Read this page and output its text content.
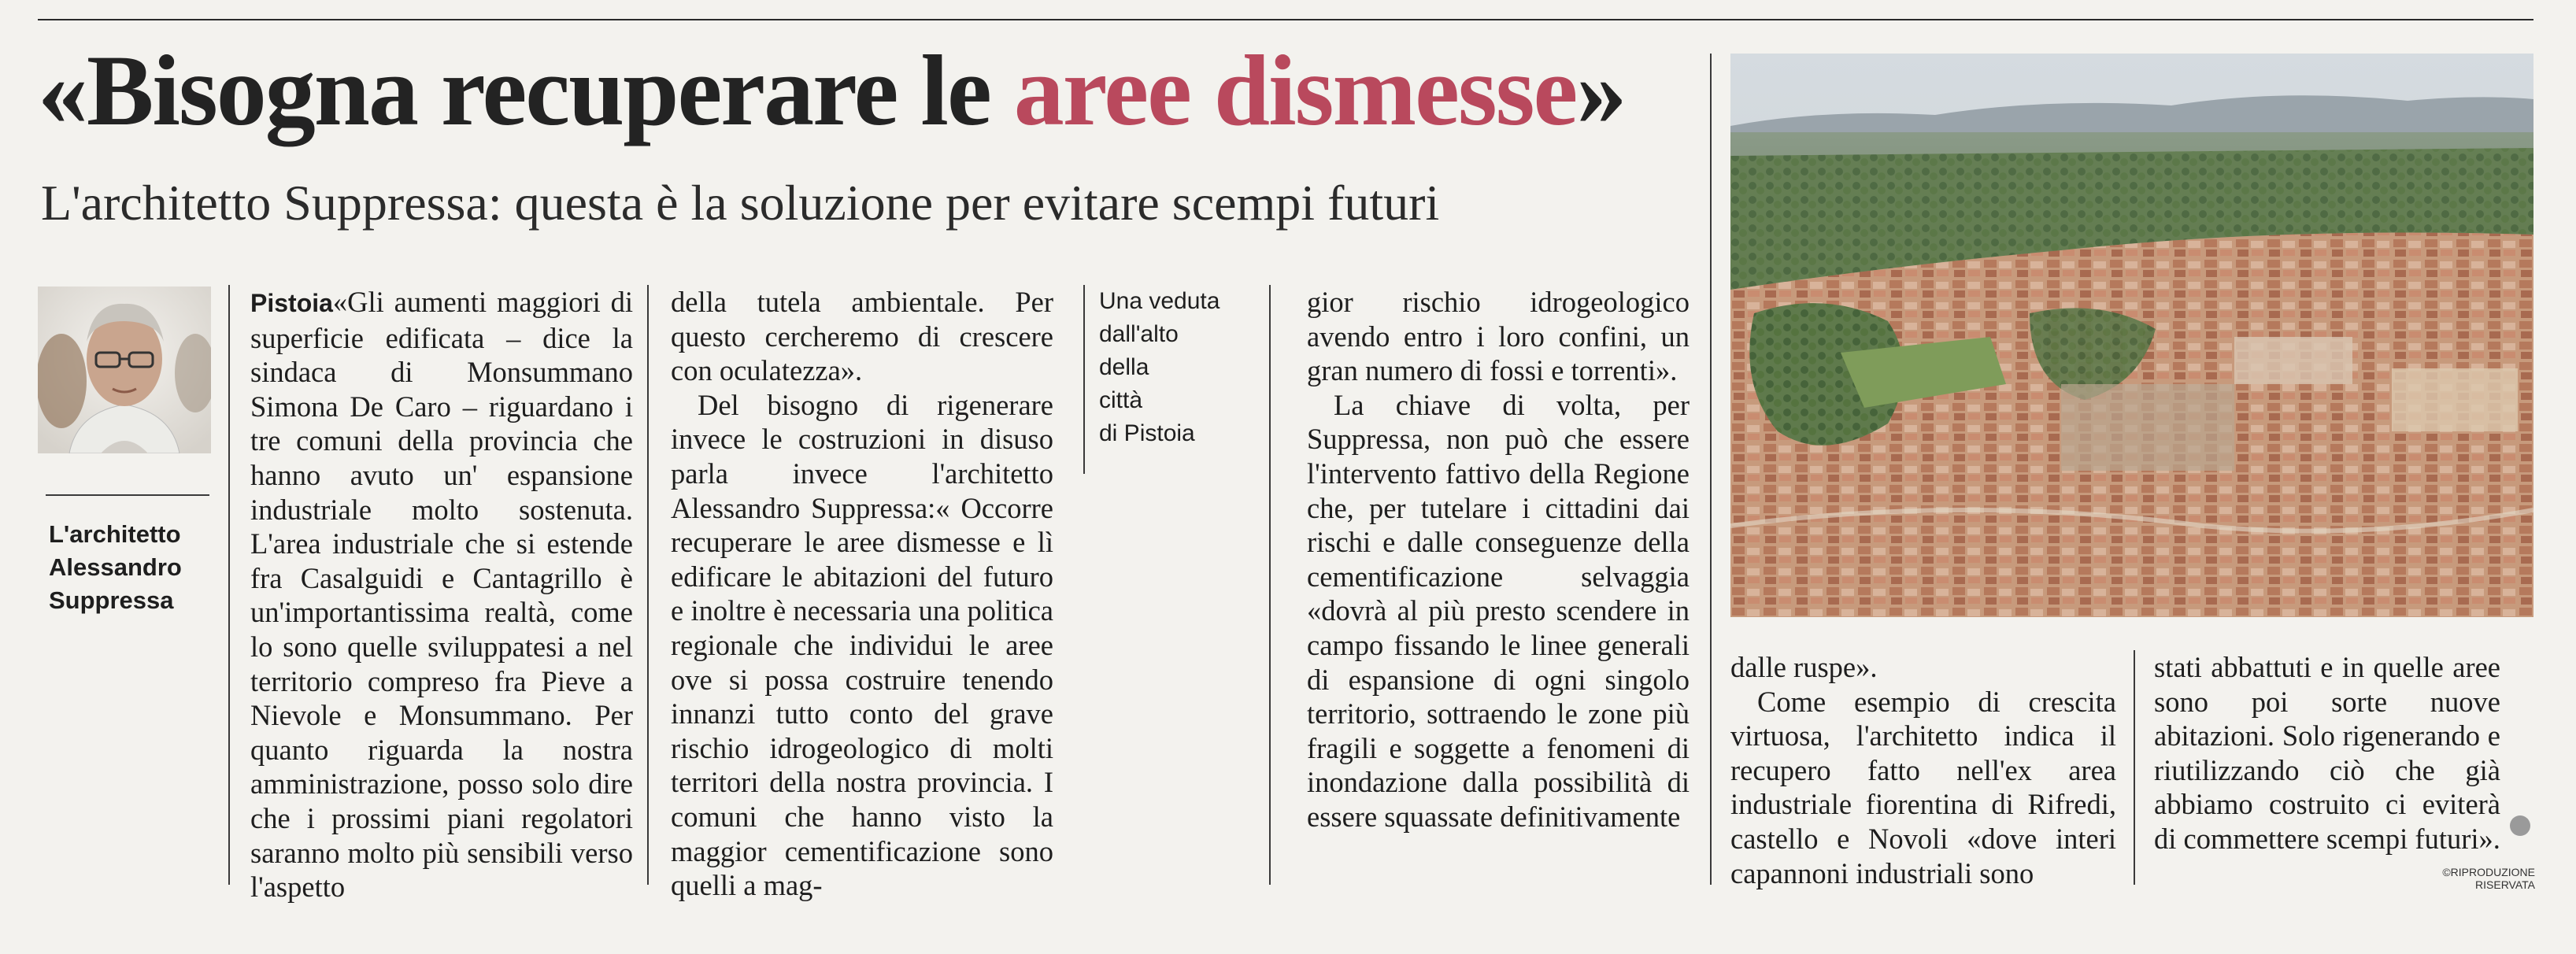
«Bisogna recuperare le aree dismesse»
L'architetto Suppressa: questa è la soluzione per evitare scempi futuri
L'architetto
Alessandro
Suppressa

Pistoia«Gli aumenti maggiori di superficie edificata – dice la sindaca di Monsummano Simona De Caro – riguardano i tre comuni della provincia che hanno avuto un' espansione industriale molto sostenuta. L'area industriale che si estende fra Casalguidi e Cantagrillo è un'importantissima realtà, come lo sono quelle sviluppatesi a nel territorio compreso fra Pieve a Nievole e Monsummano. Per quanto riguarda la nostra amministrazione, posso solo dire che i prossimi piani regolatori saranno molto più sensibili verso l'aspetto

della tutela ambientale. Per questo cercheremo di crescere con oculatezza».

Del bisogno di rigenerare invece le costruzioni in disuso parla invece l'architetto Alessandro Suppressa:« Occorre recuperare le aree dismesse e lì edificare le abitazioni del futuro e inoltre è necessaria una politica regionale che individui le aree ove si possa costruire tenendo innanzi tutto conto del grave rischio idrogeologico di molti territori della nostra provincia. I comuni che hanno visto la maggior cementificazione sono quelli a mag-

Una veduta
dall'alto
della
città
di Pistoia

gior rischio idrogeologico avendo entro i loro confini, un gran numero di fossi e torrenti».

La chiave di volta, per Suppressa, non può che essere l'intervento fattivo della Regione che, per tutelare i cittadini dai rischi e dalle conseguenze della cementificazione selvaggia «dovrà al più presto scendere in campo fissando le linee generali di espansione di ogni singolo territorio, sottraendo le zone più fragili e soggette a fenomeni di inondazione dalla possibilità di essere squassate definitivamente

dalle ruspe».

Come esempio di crescita virtuosa, l'architetto indica il recupero fatto nell'ex area industriale fiorentina di Rifredi, castello e Novoli «dove interi capannoni industriali sono

stati abbattuti e in quelle aree sono poi sorte nuove abitazioni. Solo rigenerando e riutilizzando ciò che già abbiamo costruito ci eviterà di commettere scempi futuri».

©RIPRODUZIONE RISERVATA
